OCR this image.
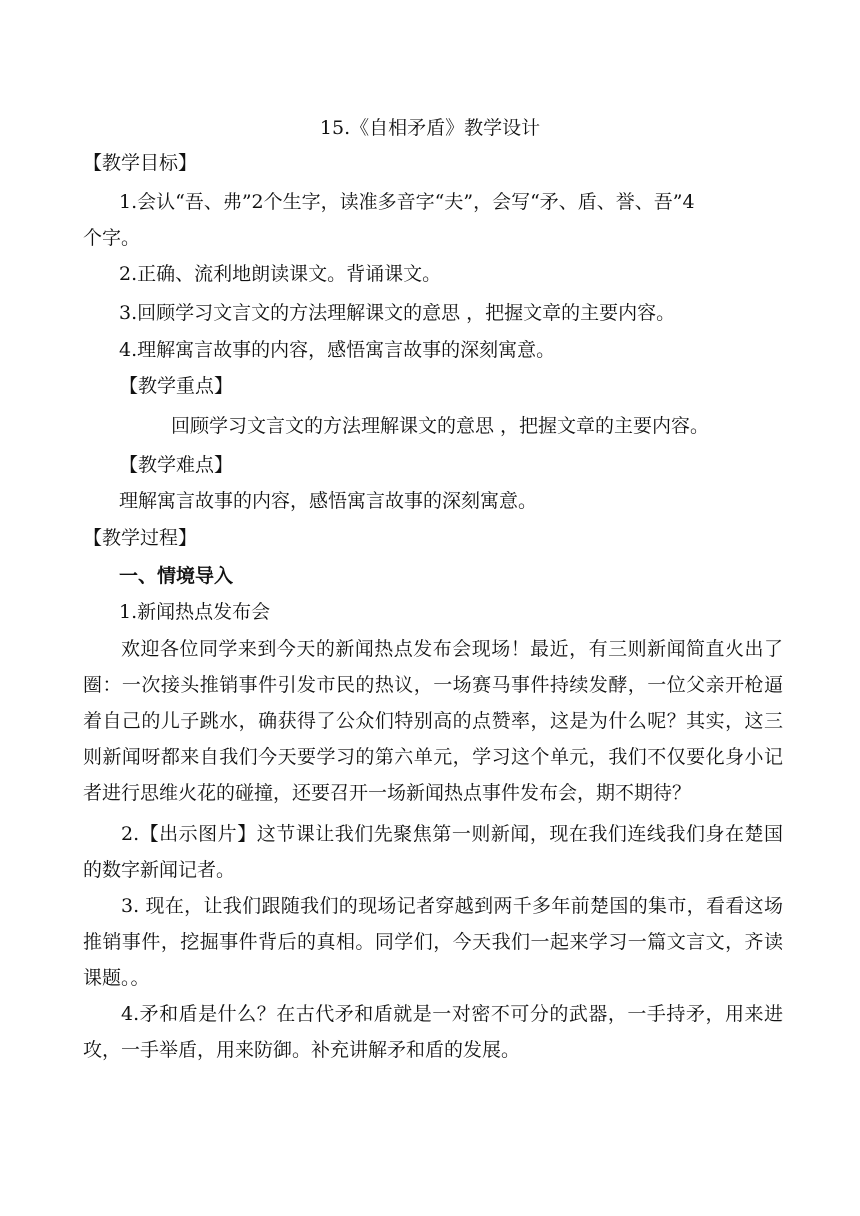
15.《自相矛盾》教学设计
【教学目标】
1.会认“吾、弗”2个生字，读准多音字“夫”，会写“矛、盾、誉、吾”4
个字。
2.正确、流利地朗读课文。背诵课文。
3.回顾学习文言文的方法理解课文的意思 ，把握文章的主要内容。
4.理解寓言故事的内容，感悟寓言故事的深刻寓意。
【教学重点】
回顾学习文言文的方法理解课文的意思 ，把握文章的主要内容。
【教学难点】
理解寓言故事的内容，感悟寓言故事的深刻寓意。
【教学过程】
一、情境导入
1.新闻热点发布会
欢迎各位同学来到今天的新闻热点发布会现场！最近，有三则新闻简直火出了圈：一次接头推销事件引发市民的热议，一场赛马事件持续发酵，一位父亲开枪逼着自己的儿子跳水，确获得了公众们特别高的点赞率，这是为什么呢？其实，这三则新闻呀都来自我们今天要学习的第六单元，学习这个单元，我们不仅要化身小记者进行思维火花的碰撞，还要召开一场新闻热点事件发布会，期不期待？
2.【出示图片】这节课让我们先聚焦第一则新闻，现在我们连线我们身在楚国的数字新闻记者。
3. 现在，让我们跟随我们的现场记者穿越到两千多年前楚国的集市，看看这场推销事件，挖掘事件背后的真相。同学们，今天我们一起来学习一篇文言文，齐读课题。。
4.矛和盾是什么？在古代矛和盾就是一对密不可分的武器，一手持矛，用来进攻，一手举盾，用来防御。补充讲解矛和盾的发展。
